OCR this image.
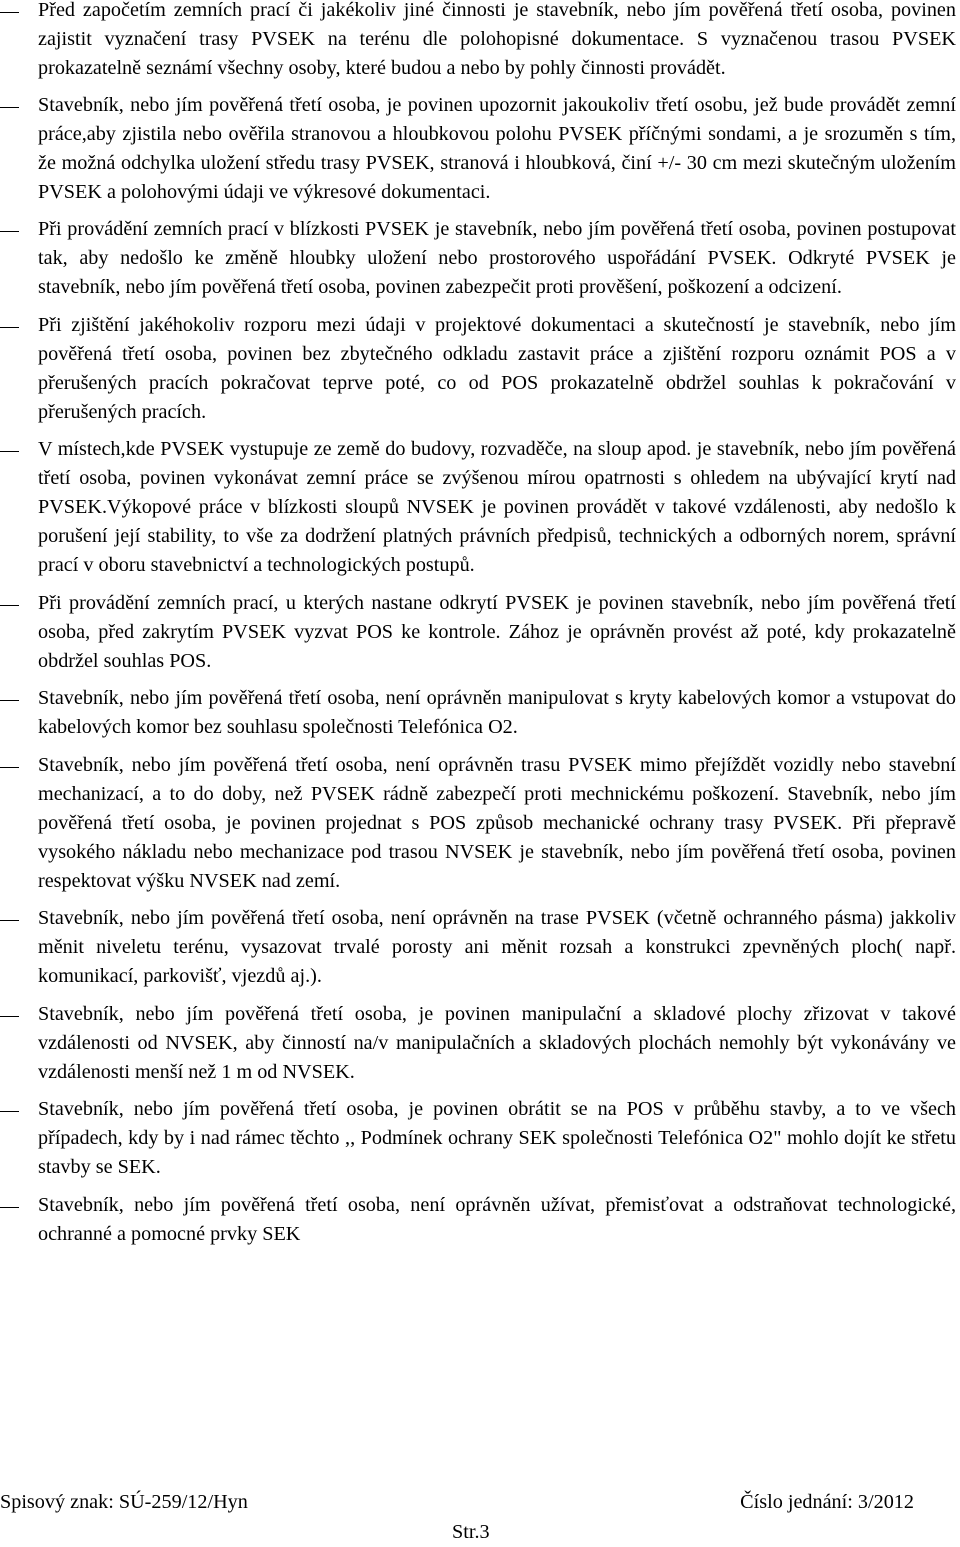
Před započetím zemních prací či jakékoliv jiné činnosti je stavebník, nebo jím pověřená třetí osoba, povinen zajistit vyznačení trasy PVSEK na terénu dle polohopisné dokumentace. S vyznačenou trasou PVSEK prokazatelně seznámí všechny osoby, které budou a nebo by pohly činnosti provádět.
Stavebník, nebo jím pověřená třetí osoba, je povinen upozornit jakoukoliv třetí osobu, jež bude provádět zemní práce,aby zjistila nebo ověřila stranovou a hloubkovou polohu PVSEK příčnými sondami, a je srozuměn s tím, že možná odchylka uložení středu trasy PVSEK, stranová i hloubková, činí +/- 30 cm mezi skutečným uložením PVSEK a polohovými údaji ve výkresové dokumentaci.
Při provádění zemních prací v blízkosti PVSEK je stavebník, nebo jím pověřená třetí osoba, povinen postupovat tak, aby nedošlo ke změně hloubky uložení nebo prostorového uspořádání PVSEK. Odkryté PVSEK je stavebník, nebo jím pověřená třetí osoba, povinen zabezpečit proti prověšení, poškození a odcizení.
Při zjištění jakéhokoliv rozporu mezi údaji v projektové dokumentaci a skutečností je stavebník, nebo jím pověřená třetí osoba, povinen bez zbytečného odkladu zastavit práce a zjištění rozporu oznámit POS a v přerušených pracích pokračovat teprve poté, co od POS prokazatelně obdržel souhlas k pokračování v přerušených pracích.
V místech,kde PVSEK vystupuje ze země do budovy, rozvaděče, na sloup apod. je stavebník, nebo jím pověřená třetí osoba, povinen vykonávat zemní práce se zvýšenou mírou opatrnosti s ohledem na ubývající krytí nad PVSEK.Výkopové práce v blízkosti sloupů NVSEK je povinen provádět v takové vzdálenosti, aby nedošlo k porušení její stability, to vše za dodržení platných právních předpisů, technických a odborných norem, správní prací v oboru stavebnictví a technologických postupů.
Při provádění zemních prací, u kterých nastane odkrytí PVSEK je povinen stavebník, nebo jím pověřená třetí osoba, před zakrytím PVSEK vyzvat POS ke kontrole. Zához je oprávněn provést až poté, kdy prokazatelně obdržel souhlas POS.
Stavebník, nebo jím pověřená třetí osoba, není oprávněn manipulovat s kryty kabelových komor a vstupovat do kabelových komor bez souhlasu společnosti Telefónica O2.
Stavebník, nebo jím pověřená třetí osoba, není oprávněn trasu PVSEK mimo přejíždět vozidly nebo stavební mechanizací, a to do doby, než PVSEK rádně zabezpečí proti mechnickému poškození. Stavebník, nebo jím pověřená třetí osoba, je povinen projednat s POS způsob mechanické ochrany trasy PVSEK. Při přepravě vysokého nákladu nebo mechanizace pod trasou NVSEK je stavebník, nebo jím pověřená třetí osoba, povinen respektovat výšku NVSEK nad zemí.
Stavebník, nebo jím pověřená třetí osoba, není oprávněn na trase PVSEK (včetně ochranného pásma) jakkoliv měnit niveletu terénu, vysazovat trvalé porosty ani měnit rozsah a konstrukci zpevněných ploch( např. komunikací, parkovišť, vjezdů aj.).
Stavebník, nebo jím pověřená třetí osoba, je povinen manipulační a skladové plochy zřizovat v takové vzdálenosti od NVSEK, aby činností na/v manipulačních a skladových plochách nemohly být vykonávány ve vzdálenosti menší než 1 m od NVSEK.
Stavebník, nebo jím pověřená třetí osoba, je povinen obrátit se na POS v průběhu stavby, a to ve všech případech, kdy by i nad rámec těchto ,, Podmínek ochrany SEK společnosti Telefónica O2" mohlo dojít ke střetu stavby se SEK.
Stavebník, nebo jím pověřená třetí osoba, není oprávněn užívat, přemisťovat a odstraňovat technologické, ochranné a pomocné prvky SEK
Spisový znak: SÚ-259/12/Hyn	Číslo jednání: 3/2012
Str.3
